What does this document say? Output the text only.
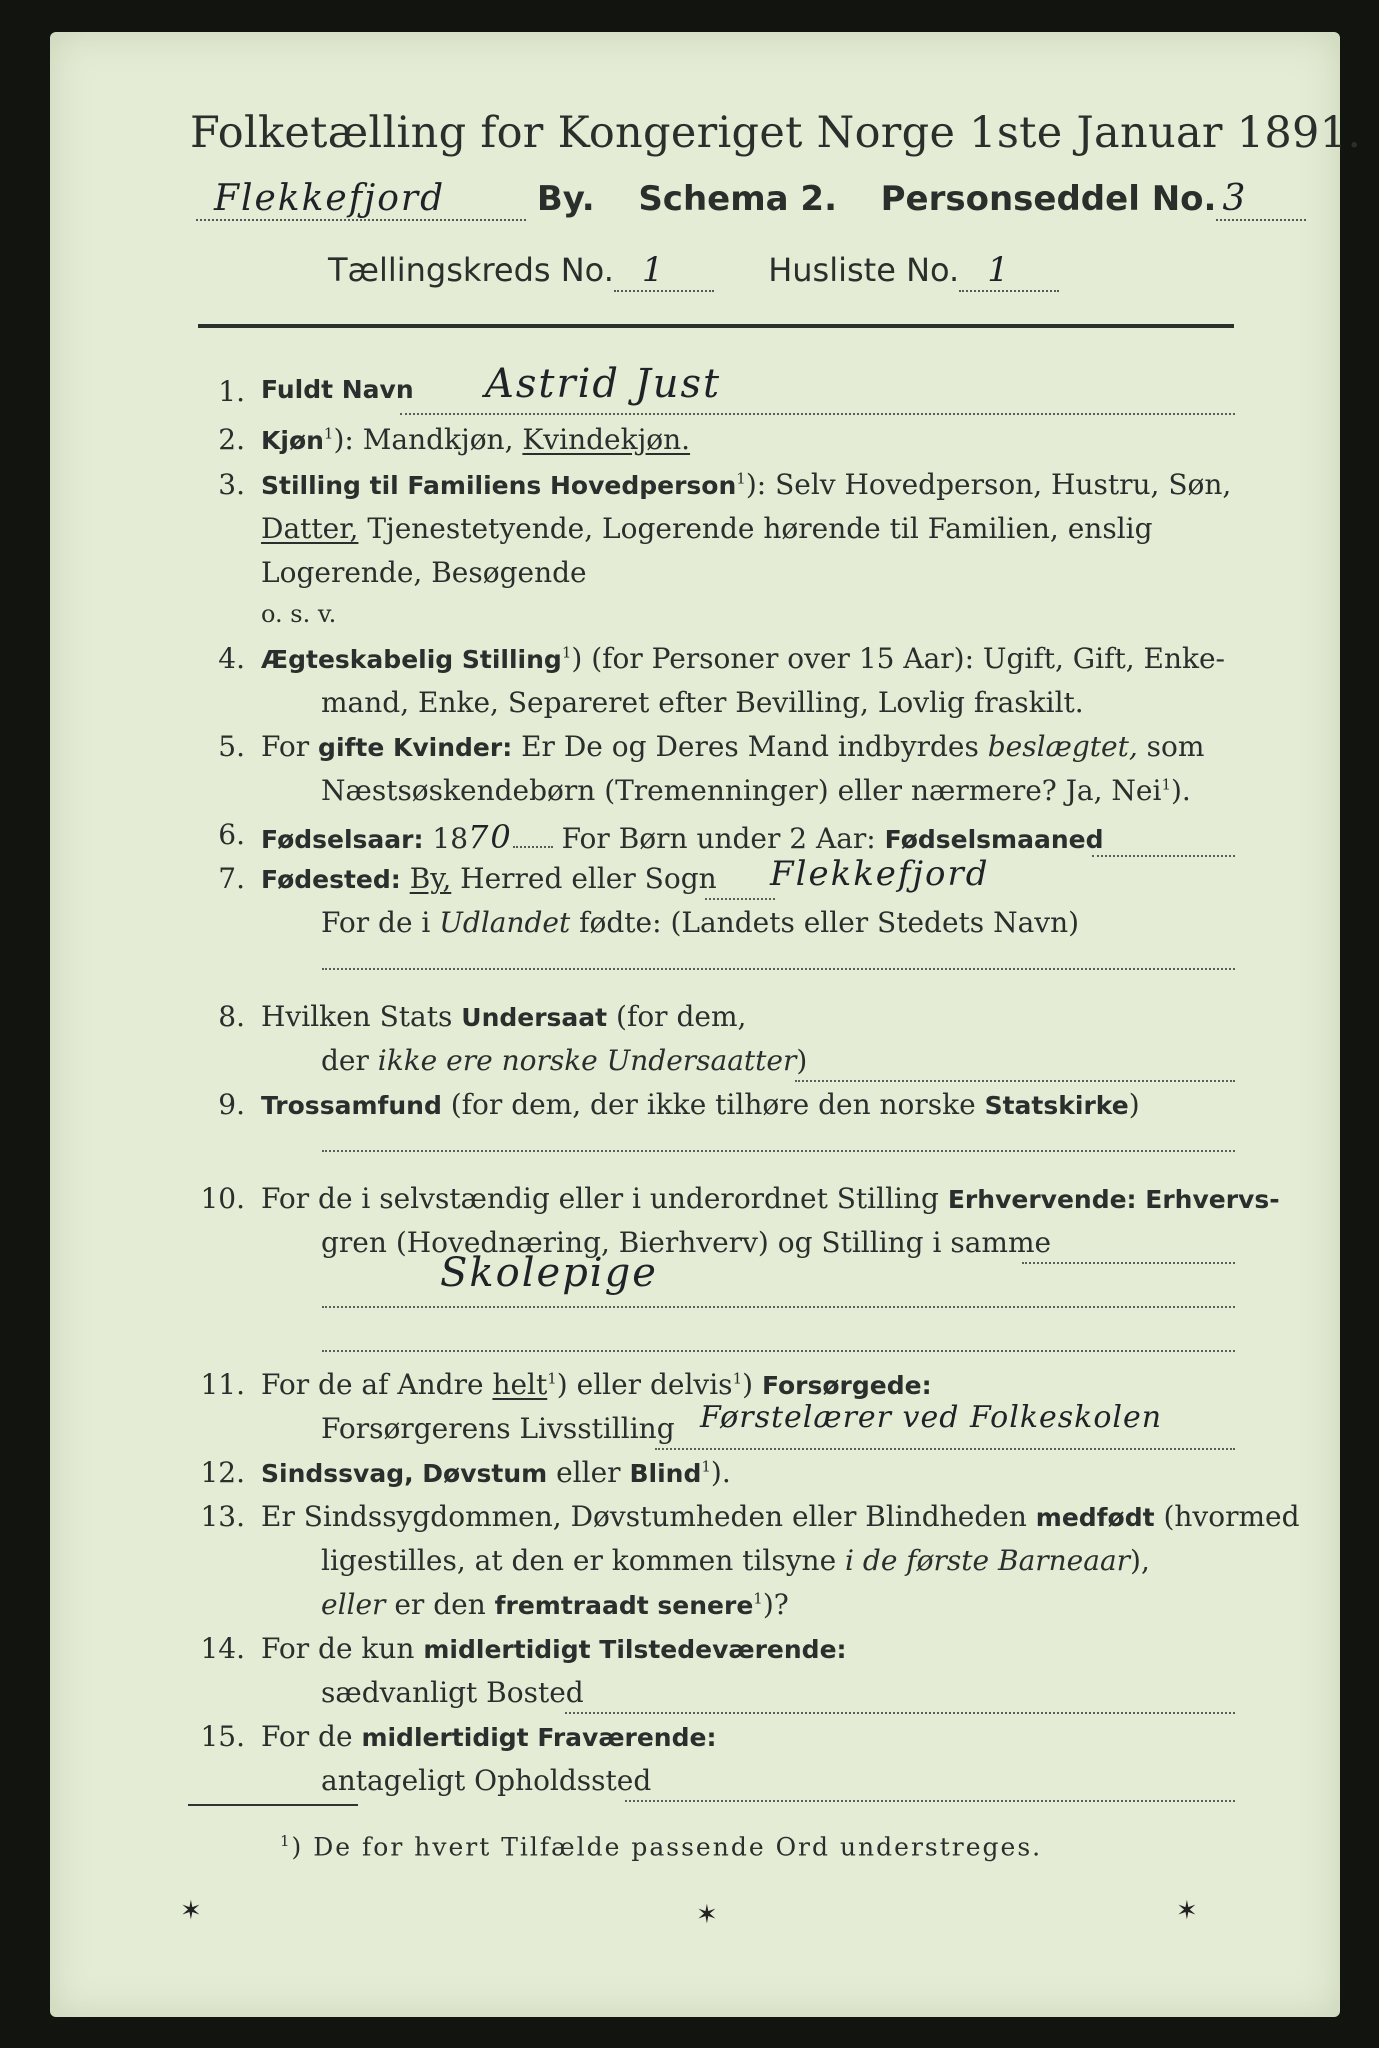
Folketælling for Kongeriget Norge 1ste Januar 1891.
Flekkefjord	By. Schema 2. Personseddel No. 3
Tællingskreds No. 1	Husliste No. 1
1. Fuldt Navn Astrid Just
2. Kjøn$^1$): Mandkjøn, Kvindekjøn.
3. Stilling til Familiens Hovedperson$^1$): Selv Hovedperson, Hustru, Søn,
Datter, Tjenestetyende, Logerende hørende til Familien, enslig
Logerende, Besøgende
o. s. v.
4. Ægteskabelig Stilling$^1$) (for Personer over 15 Aar): Ugift, Gift, Enke-
mand, Enke, Separeret efter Bevilling, Lovlig fraskilt.
5. For gifte Kvinder: Er De og Deres Mand indbyrdes beslægtet, som
Næstsøskendebørn (Tremenninger) eller nærmere? Ja, Nei$^1$).
6. Fødselsaar: 1870 For Børn under 2 Aar: Fødselsmaaned
7. Fødested: By, Herred eller Sogn Flekkefjord
For de i Udlandet fødte: (Landets eller Stedets Navn)
8. Hvilken Stats Undersaat (for dem,
der ikke ere norske Undersaatter)
9. Trossamfund (for dem, der ikke tilhøre den norske Statskirke)
10. For de i selvstændig eller i underordnet Stilling Erhvervende: Erhvervs-
gren (Hovednæring, Bierhverv) og Stilling i samme
Skolepige
11. For de af Andre helt$^1$) eller delvis$^1$) Forsørgede:
Forsørgerens Livsstilling Førstelærer ved Folkeskolen
12. Sindssvag, Døvstum eller Blind$^1$).
13. Er Sindssygdommen, Døvstumheden eller Blindheden medfødt (hvormed
ligestilles, at den er kommen tilsyne i de første Barneaar),
eller er den fremtraadt senere$^1$)?
14. For de kun midlertidigt Tilstedeværende:
sædvanligt Bosted
15. For de midlertidigt Fraværende:
antageligt Opholdssted
$^1$) De for hvert Tilfælde passende Ord understreges.
✶	✶	✶
